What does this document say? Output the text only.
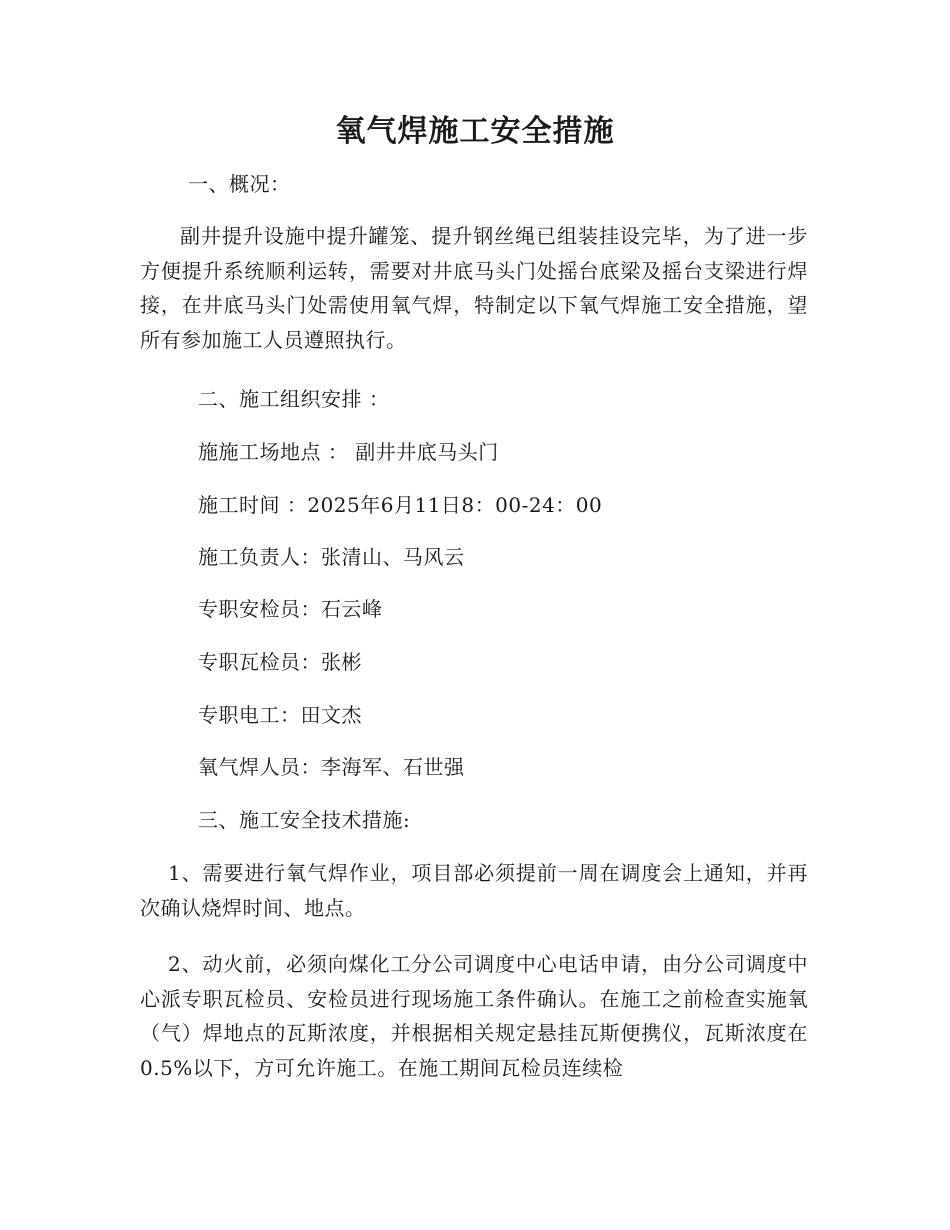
氧气焊施工安全措施
一、概况：
副井提升设施中提升罐笼、提升钢丝绳已组装挂设完毕，为了进一步方便提升系统顺利运转，需要对井底马头门处摇台底梁及摇台支梁进行焊接，在井底马头门处需使用氧气焊，特制定以下氧气焊施工安全措施，望所有参加施工人员遵照执行。
二、施工组织安排 ：
施施工场地点 ： 副井井底马头门
施工时间 ：2025年6月11日8：00-24：00
施工负责人：张清山、马风云
专职安检员：石云峰
专职瓦检员：张彬
专职电工：田文杰
氧气焊人员：李海军、石世强
三、施工安全技术措施:
1、需要进行氧气焊作业，项目部必须提前一周在调度会上通知，并再次确认烧焊时间、地点。
2、动火前，必须向煤化工分公司调度中心电话申请，由分公司调度中心派专职瓦检员、安检员进行现场施工条件确认。在施工之前检查实施氧（气）焊地点的瓦斯浓度，并根据相关规定悬挂瓦斯便携仪，瓦斯浓度在0.5%以下，方可允许施工。在施工期间瓦检员连续检
